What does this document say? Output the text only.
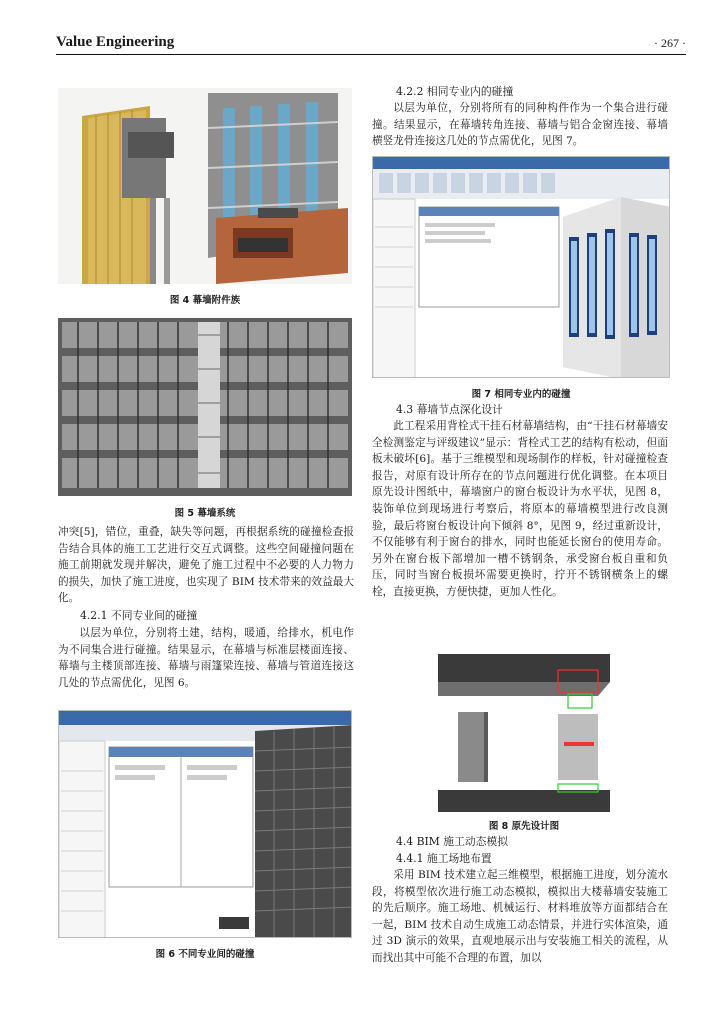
Value Engineering	· 267 ·
图 4 幕墙附件族
图 5 幕墙系统

冲突[5]，错位，重叠，缺失等问题，再根据系统的碰撞检查报告结合具体的施工工艺进行交互式调整。这些空间碰撞问题在施工前期就发现并解决，避免了施工过程中不必要的人力物力的损失，加快了施工进度，也实现了 BIM 技术带来的效益最大化。

4.2.1 不同专业间的碰撞

以层为单位，分别将土建，结构，暖通，给排水，机电作为不同集合进行碰撞。结果显示，在幕墙与标准层楼面连接、幕墙与主楼顶部连接、幕墙与雨篷梁连接、幕墙与管道连接这几处的节点需优化，见图 6。

图 6 不同专业间的碰撞
4.2.2 相同专业内的碰撞

以层为单位，分别将所有的同种构件作为一个集合进行碰撞。结果显示，在幕墙转角连接、幕墙与铝合金窗连接、幕墙横竖龙骨连接这几处的节点需优化，见图 7。

图 7 相同专业内的碰撞
4.3 幕墙节点深化设计

此工程采用背栓式干挂石材幕墙结构，由“干挂石材幕墙安全检测鉴定与评级建议”显示：背栓式工艺的结构有松动，但面板未破坏[6]。基于三维模型和现场制作的样板，针对碰撞检查报告，对原有设计所存在的节点问题进行优化调整。在本项目原先设计图纸中，幕墙窗户的窗台板设计为水平状，见图 8，装饰单位到现场进行考察后，将原本的幕墙模型进行改良测验，最后将窗台板设计向下倾斜 8°，见图 9，经过重新设计，不仅能够有利于窗台的排水，同时也能延长窗台的使用寿命。另外在窗台板下部增加一槽不锈钢条，承受窗台板自重和负压，同时当窗台板损坏需要更换时，拧开不锈钢横条上的螺栓，直接更换，方便快捷，更加人性化。

图 8 原先设计图
4.4 BIM 施工动态模拟
4.4.1 施工场地布置

采用 BIM 技术建立起三维模型，根据施工进度，划分流水段，将模型依次进行施工动态模拟，模拟出大楼幕墙安装施工的先后顺序。施工场地、机械运行、材料堆放等方面都结合在一起，BIM 技术自动生成施工动态情景，并进行实体渲染，通过 3D 演示的效果，直观地展示出与安装施工相关的流程，从而找出其中可能不合理的布置，加以
